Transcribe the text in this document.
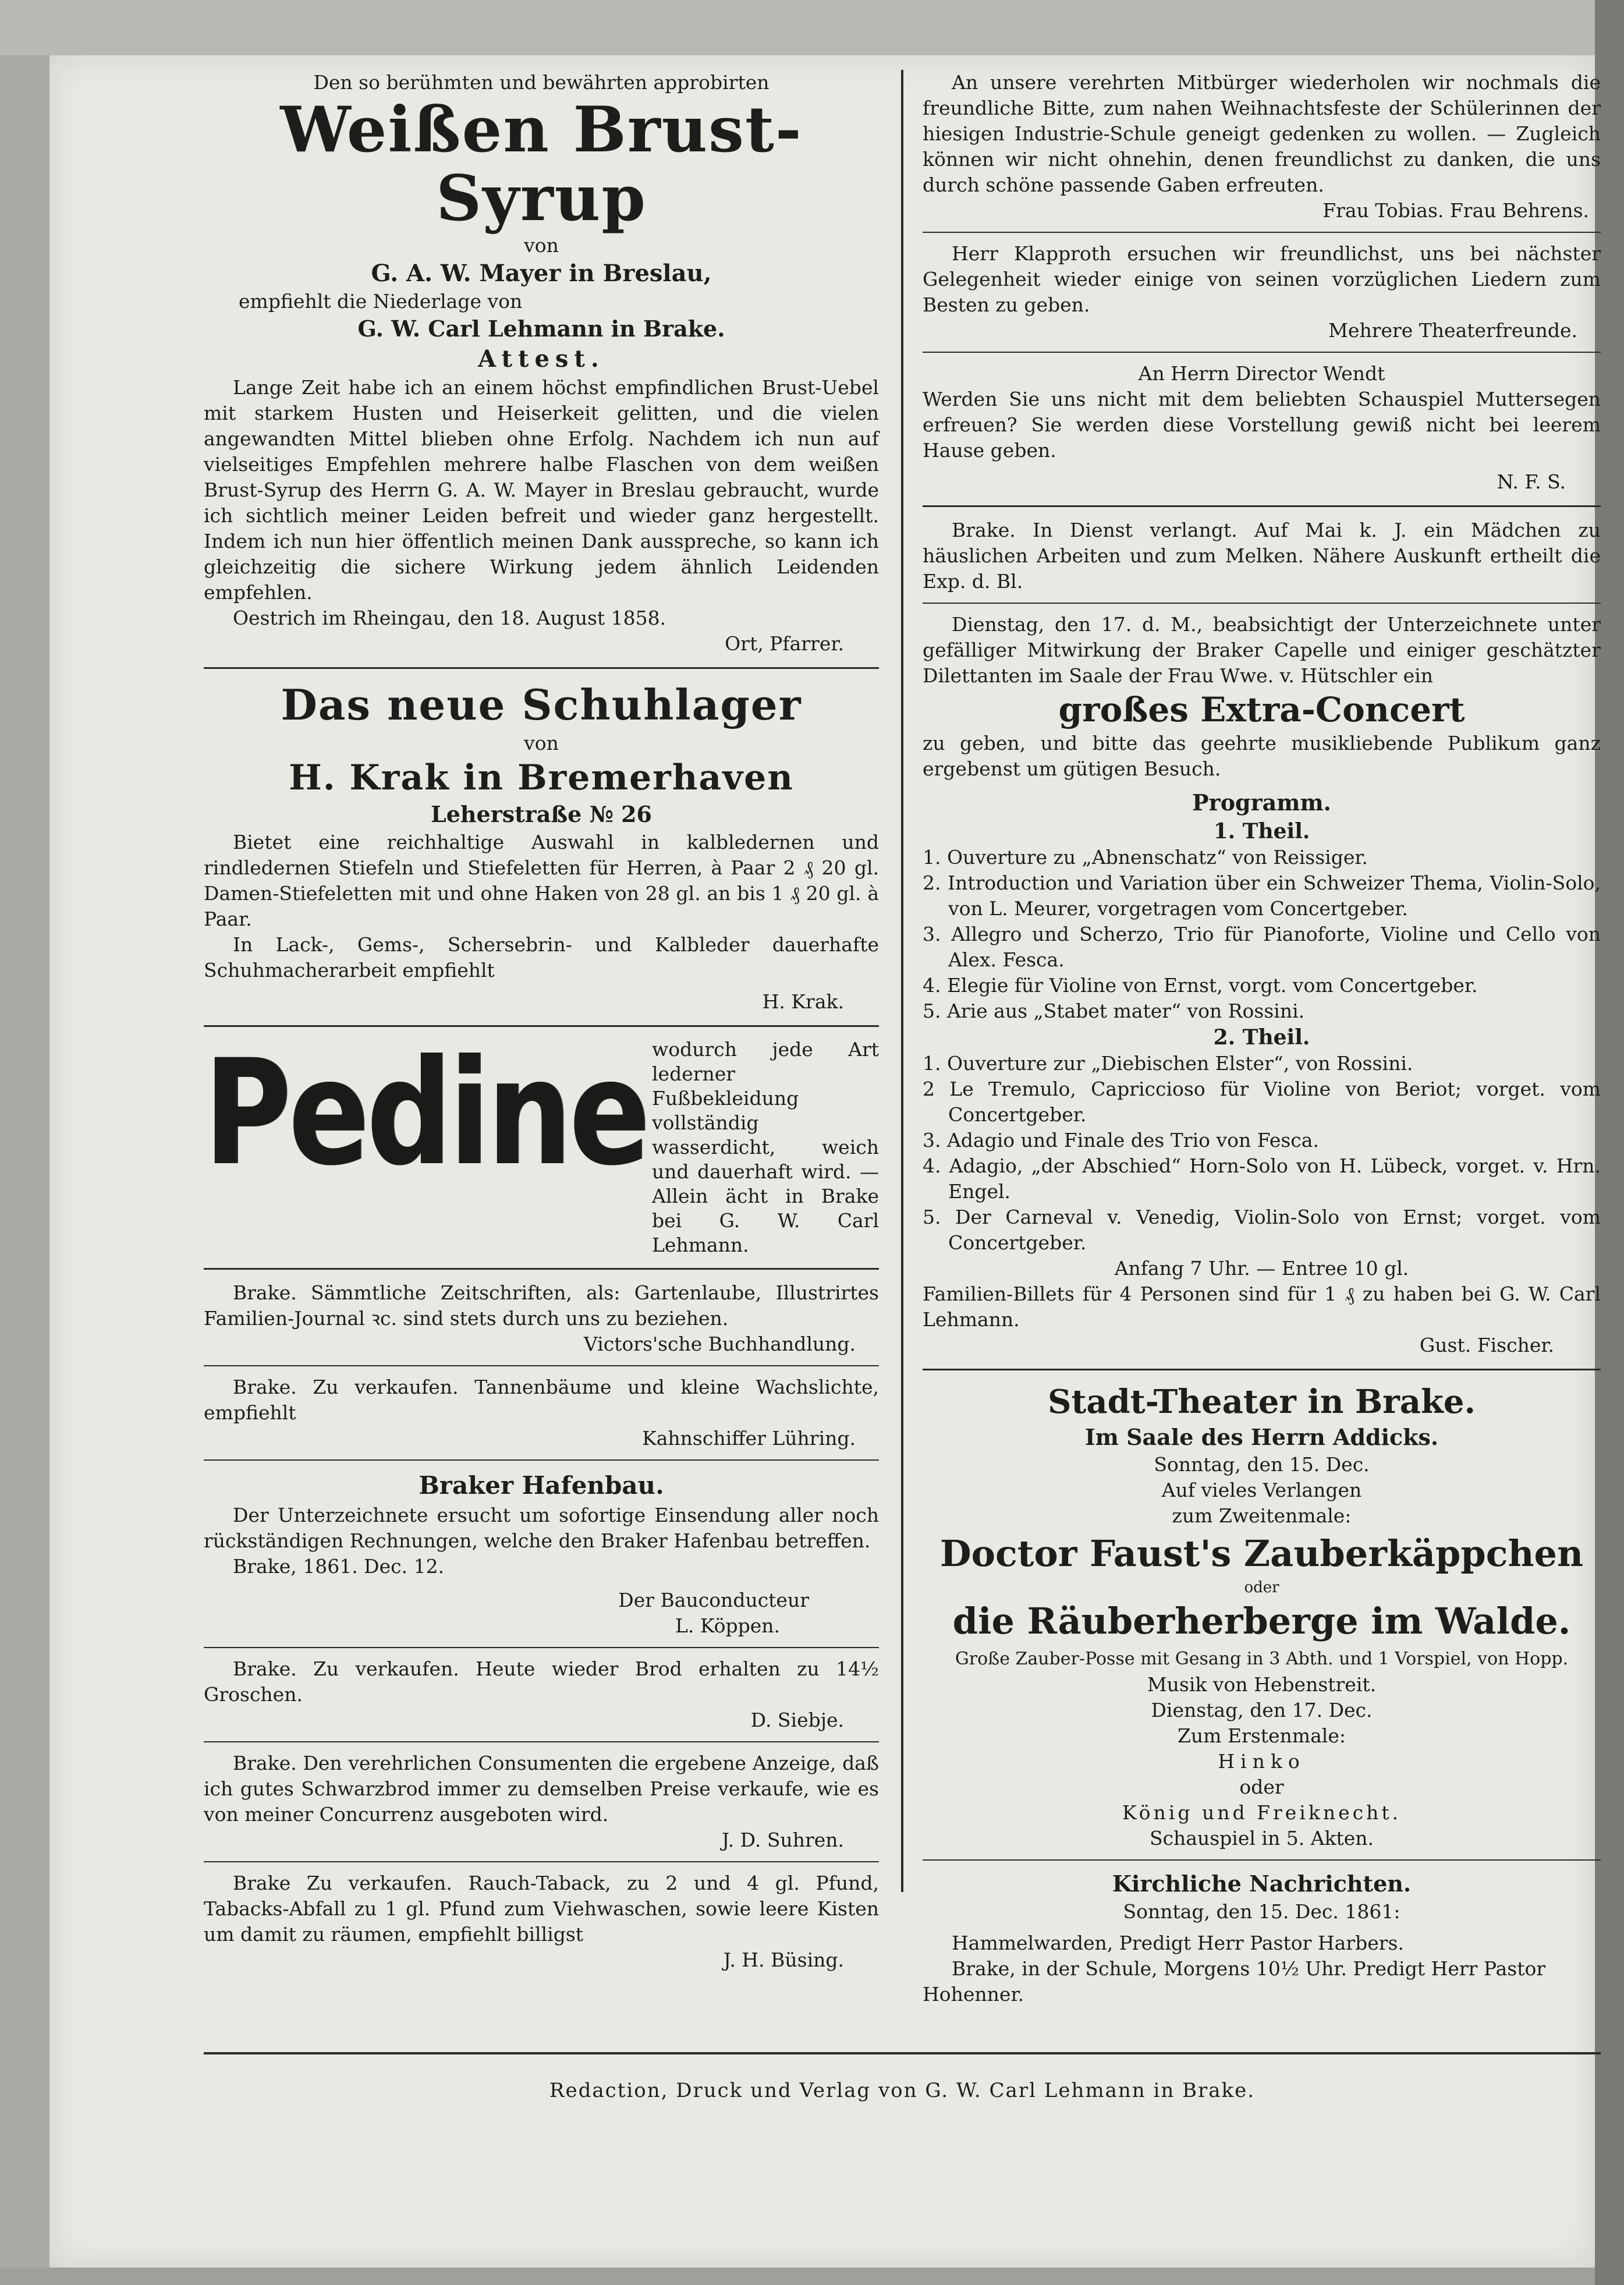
Den so berühmten und bewährten approbirten

Weißen Brust-Syrup

von

G. A. W. Mayer in Breslau,

empfiehlt die Niederlage von

G. W. Carl Lehmann in Brake.

Attest.

Lange Zeit habe ich an einem höchst empfindlichen Brust-Uebel mit starkem Husten und Heiserkeit gelitten, und die vielen angewandten Mittel blieben ohne Erfolg. Nachdem ich nun auf vielseitiges Empfehlen mehrere halbe Flaschen von dem weißen Brust-Syrup des Herrn G. A. W. Mayer in Breslau gebraucht, wurde ich sichtlich meiner Leiden befreit und wieder ganz hergestellt. Indem ich nun hier öffentlich meinen Dank ausspreche, so kann ich gleichzeitig die sichere Wirkung jedem ähnlich Leidenden empfehlen.

Oestrich im Rheingau, den 18. August 1858.

Ort, Pfarrer.

Das neue Schuhlager

von

H. Krak in Bremerhaven

Leherstraße № 26

Bietet eine reichhaltige Auswahl in kalbledernen und rindledernen Stiefeln und Stiefeletten für Herren, à Paar 2 ₰ 20 gl. Damen-Stiefeletten mit und ohne Haken von 28 gl. an bis 1 ₰ 20 gl. à Paar.

In Lack-, Gems-, Schersebrin- und Kalbleder dauerhafte Schuhmacherarbeit empfiehlt

H. Krak.

Pedine wodurch jede Art lederner Fußbekleidung vollständig wasserdicht, weich und dauerhaft wird. — Allein ächt in Brake bei G. W. Carl Lehmann.

Brake. Sämmtliche Zeitschriften, als: Gartenlaube, Illustrirtes Familien-Journal ꝛc. sind stets durch uns zu beziehen.

Victors'sche Buchhandlung.

Brake. Zu verkaufen. Tannenbäume und kleine Wachslichte, empfiehlt

Kahnschiffer Lühring.

Braker Hafenbau.

Der Unterzeichnete ersucht um sofortige Einsendung aller noch rückständigen Rechnungen, welche den Braker Hafenbau betreffen.

Brake, 1861. Dec. 12.

Der Bauconducteur

L. Köppen.

Brake. Zu verkaufen. Heute wieder Brod erhalten zu 14½ Groschen.

D. Siebje.

Brake. Den verehrlichen Consumenten die ergebene Anzeige, daß ich gutes Schwarzbrod immer zu demselben Preise verkaufe, wie es von meiner Concurrenz ausgeboten wird.

J. D. Suhren.

Brake Zu verkaufen. Rauch-Taback, zu 2 und 4 gl. Pfund, Tabacks-Abfall zu 1 gl. Pfund zum Viehwaschen, sowie leere Kisten um damit zu räumen, empfiehlt billigst

J. H. Büsing.

An unsere verehrten Mitbürger wiederholen wir nochmals die freundliche Bitte, zum nahen Weihnachtsfeste der Schülerinnen der hiesigen Industrie-Schule geneigt gedenken zu wollen. — Zugleich können wir nicht ohnehin, denen freundlichst zu danken, die uns durch schöne passende Gaben erfreuten.

Frau Tobias. Frau Behrens.

Herr Klapproth ersuchen wir freundlichst, uns bei nächster Gelegenheit wieder einige von seinen vorzüglichen Liedern zum Besten zu geben.

Mehrere Theaterfreunde.

An Herrn Director Wendt

Werden Sie uns nicht mit dem beliebten Schauspiel Muttersegen erfreuen? Sie werden diese Vorstellung gewiß nicht bei leerem Hause geben.

N. F. S.

Brake. In Dienst verlangt. Auf Mai k. J. ein Mädchen zu häuslichen Arbeiten und zum Melken. Nähere Auskunft ertheilt die Exp. d. Bl.

Dienstag, den 17. d. M., beabsichtigt der Unterzeichnete unter gefälliger Mitwirkung der Braker Capelle und einiger geschätzter Dilettanten im Saale der Frau Wwe. v. Hütschler ein

großes Extra-Concert

zu geben, und bitte das geehrte musikliebende Publikum ganz ergebenst um gütigen Besuch.

Programm.

1. Theil.

1. Ouverture zu „Abnenschatz“ von Reissiger.

2. Introduction und Variation über ein Schweizer Thema, Violin-Solo, von L. Meurer, vorgetragen vom Concertgeber.

3. Allegro und Scherzo, Trio für Pianoforte, Violine und Cello von Alex. Fesca.

4. Elegie für Violine von Ernst, vorgt. vom Concertgeber.

5. Arie aus „Stabet mater“ von Rossini.

2. Theil.

1. Ouverture zur „Diebischen Elster“, von Rossini.

2 Le Tremulo, Capriccioso für Violine von Beriot; vorget. vom Concertgeber.

3. Adagio und Finale des Trio von Fesca.

4. Adagio, „der Abschied“ Horn-Solo von H. Lübeck, vorget. v. Hrn. Engel.

5. Der Carneval v. Venedig, Violin-Solo von Ernst; vorget. vom Concertgeber.

Anfang 7 Uhr. — Entree 10 gl.

Familien-Billets für 4 Personen sind für 1 ₰ zu haben bei G. W. Carl Lehmann.

Gust. Fischer.

Stadt-Theater in Brake.

Im Saale des Herrn Addicks.

Sonntag, den 15. Dec.

Auf vieles Verlangen

zum Zweitenmale:

Doctor Faust's Zauberkäppchen

oder

die Räuberherberge im Walde.

Große Zauber-Posse mit Gesang in 3 Abth. und 1 Vorspiel, von Hopp.

Musik von Hebenstreit.

Dienstag, den 17. Dec.

Zum Erstenmale:

Hinko

oder

König und Freiknecht.

Schauspiel in 5. Akten.

Kirchliche Nachrichten.

Sonntag, den 15. Dec. 1861:

Hammelwarden, Predigt Herr Pastor Harbers.

Brake, in der Schule, Morgens 10½ Uhr. Predigt Herr Pastor Hohenner.

Redaction, Druck und Verlag von G. W. Carl Lehmann in Brake.
